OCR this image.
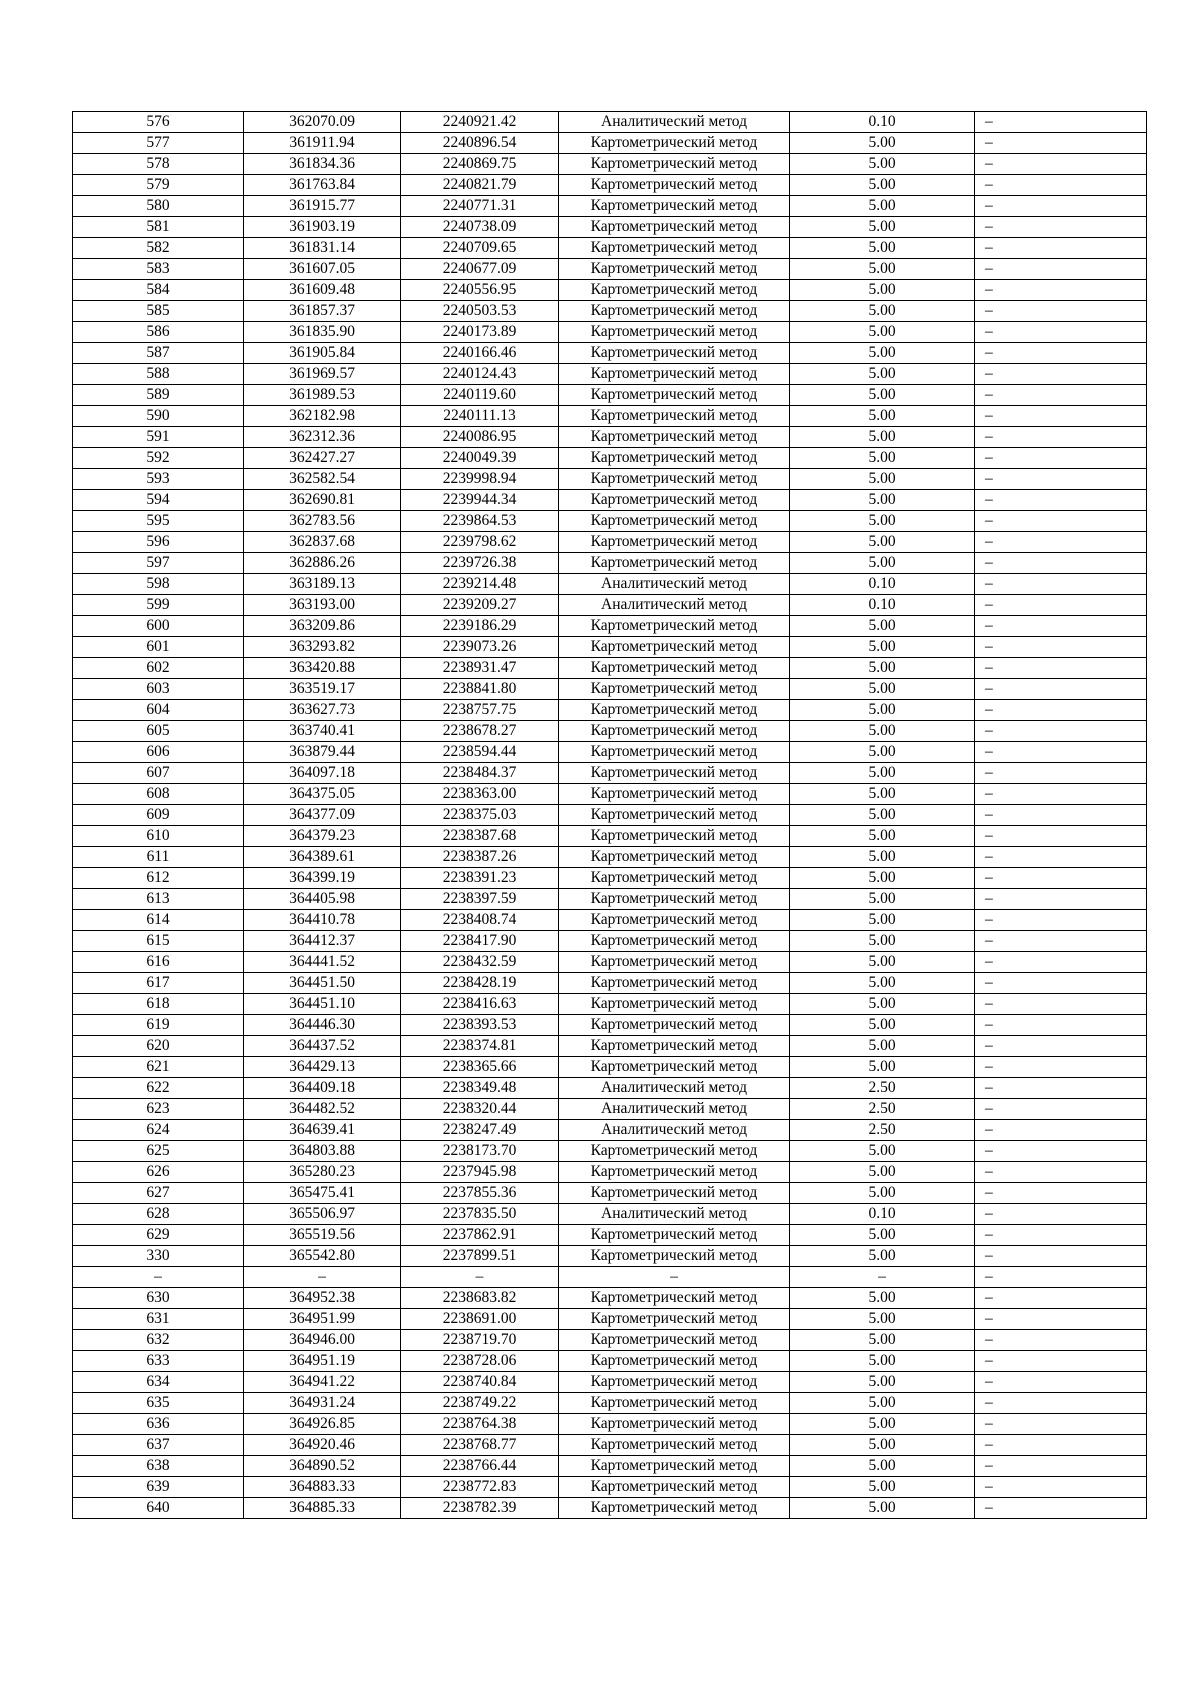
576	362070.09	2240921.42	Аналитический метод	0.10	–
577	361911.94	2240896.54	Картометрический метод	5.00	–
578	361834.36	2240869.75	Картометрический метод	5.00	–
579	361763.84	2240821.79	Картометрический метод	5.00	–
580	361915.77	2240771.31	Картометрический метод	5.00	–
581	361903.19	2240738.09	Картометрический метод	5.00	–
582	361831.14	2240709.65	Картометрический метод	5.00	–
583	361607.05	2240677.09	Картометрический метод	5.00	–
584	361609.48	2240556.95	Картометрический метод	5.00	–
585	361857.37	2240503.53	Картометрический метод	5.00	–
586	361835.90	2240173.89	Картометрический метод	5.00	–
587	361905.84	2240166.46	Картометрический метод	5.00	–
588	361969.57	2240124.43	Картометрический метод	5.00	–
589	361989.53	2240119.60	Картометрический метод	5.00	–
590	362182.98	2240111.13	Картометрический метод	5.00	–
591	362312.36	2240086.95	Картометрический метод	5.00	–
592	362427.27	2240049.39	Картометрический метод	5.00	–
593	362582.54	2239998.94	Картометрический метод	5.00	–
594	362690.81	2239944.34	Картометрический метод	5.00	–
595	362783.56	2239864.53	Картометрический метод	5.00	–
596	362837.68	2239798.62	Картометрический метод	5.00	–
597	362886.26	2239726.38	Картометрический метод	5.00	–
598	363189.13	2239214.48	Аналитический метод	0.10	–
599	363193.00	2239209.27	Аналитический метод	0.10	–
600	363209.86	2239186.29	Картометрический метод	5.00	–
601	363293.82	2239073.26	Картометрический метод	5.00	–
602	363420.88	2238931.47	Картометрический метод	5.00	–
603	363519.17	2238841.80	Картометрический метод	5.00	–
604	363627.73	2238757.75	Картометрический метод	5.00	–
605	363740.41	2238678.27	Картометрический метод	5.00	–
606	363879.44	2238594.44	Картометрический метод	5.00	–
607	364097.18	2238484.37	Картометрический метод	5.00	–
608	364375.05	2238363.00	Картометрический метод	5.00	–
609	364377.09	2238375.03	Картометрический метод	5.00	–
610	364379.23	2238387.68	Картометрический метод	5.00	–
611	364389.61	2238387.26	Картометрический метод	5.00	–
612	364399.19	2238391.23	Картометрический метод	5.00	–
613	364405.98	2238397.59	Картометрический метод	5.00	–
614	364410.78	2238408.74	Картометрический метод	5.00	–
615	364412.37	2238417.90	Картометрический метод	5.00	–
616	364441.52	2238432.59	Картометрический метод	5.00	–
617	364451.50	2238428.19	Картометрический метод	5.00	–
618	364451.10	2238416.63	Картометрический метод	5.00	–
619	364446.30	2238393.53	Картометрический метод	5.00	–
620	364437.52	2238374.81	Картометрический метод	5.00	–
621	364429.13	2238365.66	Картометрический метод	5.00	–
622	364409.18	2238349.48	Аналитический метод	2.50	–
623	364482.52	2238320.44	Аналитический метод	2.50	–
624	364639.41	2238247.49	Аналитический метод	2.50	–
625	364803.88	2238173.70	Картометрический метод	5.00	–
626	365280.23	2237945.98	Картометрический метод	5.00	–
627	365475.41	2237855.36	Картометрический метод	5.00	–
628	365506.97	2237835.50	Аналитический метод	0.10	–
629	365519.56	2237862.91	Картометрический метод	5.00	–
330	365542.80	2237899.51	Картометрический метод	5.00	–
–	–	–	–	–	–
630	364952.38	2238683.82	Картометрический метод	5.00	–
631	364951.99	2238691.00	Картометрический метод	5.00	–
632	364946.00	2238719.70	Картометрический метод	5.00	–
633	364951.19	2238728.06	Картометрический метод	5.00	–
634	364941.22	2238740.84	Картометрический метод	5.00	–
635	364931.24	2238749.22	Картометрический метод	5.00	–
636	364926.85	2238764.38	Картометрический метод	5.00	–
637	364920.46	2238768.77	Картометрический метод	5.00	–
638	364890.52	2238766.44	Картометрический метод	5.00	–
639	364883.33	2238772.83	Картометрический метод	5.00	–
640	364885.33	2238782.39	Картометрический метод	5.00	–
